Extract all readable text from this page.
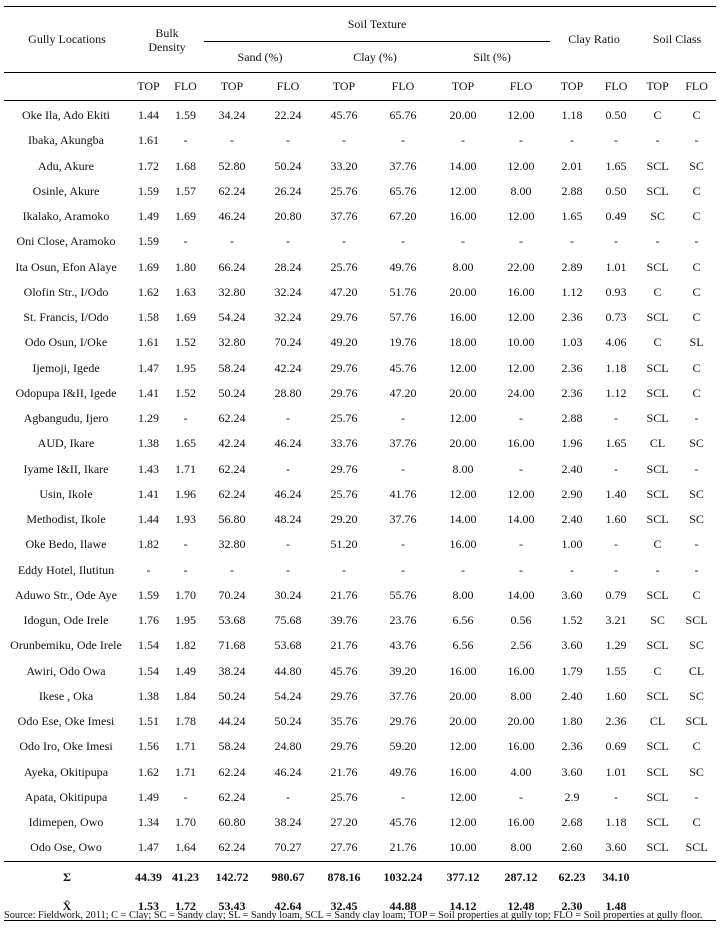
Gully Locations	Bulk Density		Soil Texture						Clay Ratio		Soil Class	
			Sand (%)		Clay (%)		Silt (%)					
	TOP	FLO	TOP	FLO	TOP	FLO	TOP	FLO	TOP	FLO	TOP	FLO
Oke Ila, Ado Ekiti	1.44	1.59	34.24	22.24	45.76	65.76	20.00	12.00	1.18	0.50	C	C
Ibaka, Akungba	1.61	-	-	-	-	-	-	-	-	-	-	-
Adu, Akure	1.72	1.68	52.80	50.24	33.20	37.76	14.00	12.00	2.01	1.65	SCL	SC
Osinle, Akure	1.59	1.57	62.24	26.24	25.76	65.76	12.00	8.00	2.88	0.50	SCL	C
Ikalako, Aramoko	1.49	1.69	46.24	20.80	37.76	67.20	16.00	12.00	1.65	0.49	SC	C
Oni Close, Aramoko	1.59	-	-	-	-	-	-	-	-	-	-	-
Ita Osun, Efon Alaye	1.69	1.80	66.24	28.24	25.76	49.76	8.00	22.00	2.89	1.01	SCL	C
Olofin Str., I/Odo	1.62	1.63	32.80	32.24	47.20	51.76	20.00	16.00	1.12	0.93	C	C
St. Francis, I/Odo	1.58	1.69	54.24	32.24	29.76	57.76	16.00	12.00	2.36	0.73	SCL	C
Odo Osun, I/Oke	1.61	1.52	32.80	70.24	49.20	19.76	18.00	10.00	1.03	4.06	C	SL
Ijemoji, Igede	1.47	1.95	58.24	42.24	29.76	45.76	12.00	12.00	2.36	1.18	SCL	C
Odopupa I&II, Igede	1.41	1.52	50.24	28.80	29.76	47.20	20.00	24.00	2.36	1.12	SCL	C
Agbangudu, Ijero	1.29	-	62.24	-	25.76	-	12.00	-	2.88	-	SCL	-
AUD, Ikare	1.38	1.65	42.24	46.24	33.76	37.76	20.00	16.00	1.96	1.65	CL	SC
Iyame I&II, Ikare	1.43	1.71	62.24	-	29.76	-	8.00	-	2.40	-	SCL	-
Usin, Ikole	1.41	1.96	62.24	46.24	25.76	41.76	12.00	12.00	2.90	1.40	SCL	SC
Methodist, Ikole	1.44	1.93	56.80	48.24	29.20	37.76	14.00	14.00	2.40	1.60	SCL	SC
Oke Bedo, Ilawe	1.82	-	32.80	-	51.20	-	16.00	-	1.00	-	C	-
Eddy Hotel, Ilutitun	-	-	-	-	-	-	-	-	-	-	-	-
Aduwo Str., Ode Aye	1.59	1.70	70.24	30.24	21.76	55.76	8.00	14.00	3.60	0.79	SCL	C
Idogun, Ode Irele	1.76	1.95	53.68	75.68	39.76	23.76	6.56	0.56	1.52	3.21	SC	SCL
Orunbemiku, Ode Irele	1.54	1.82	71.68	53.68	21.76	43.76	6.56	2.56	3.60	1.29	SCL	SC
Awiri, Odo Owa	1.54	1.49	38.24	44.80	45.76	39.20	16.00	16.00	1.79	1.55	C	CL
Ikese , Oka	1.38	1.84	50.24	54.24	29.76	37.76	20.00	8.00	2.40	1.60	SCL	SC
Odo Ese, Oke Imesi	1.51	1.78	44.24	50.24	35.76	29.76	20.00	20.00	1.80	2.36	CL	SCL
Odo Iro, Oke Imesi	1.56	1.71	58.24	24.80	29.76	59.20	12.00	16.00	2.36	0.69	SCL	C
Ayeka, Okitipupa	1.62	1.71	62.24	46.24	21.76	49.76	16.00	4.00	3.60	1.01	SCL	SC
Apata, Okitipupa	1.49	-	62.24	-	25.76	-	12.00	-	2.9	-	SCL	-
Idimepen, Owo	1.34	1.70	60.80	38.24	27.20	45.76	12.00	16.00	2.68	1.18	SCL	C
Odo Ose, Owo	1.47	1.64	62.24	70.27	27.76	21.76	10.00	8.00	2.60	3.60	SCL	SCL
Σ	44.39	41.23	142.72	980.67	878.16	1032.24	377.12	287.12	62.23	34.10		
X̄	1.53	1.72	53.43	42.64	32.45	44.88	14.12	12.48	2.30	1.48		
Source: Fieldwork, 2011; C = Clay; SC = Sandy clay; SL = Sandy loam, SCL = Sandy clay loam; TOP = Soil properties at gully top; FLO = Soil properties at gully floor.
